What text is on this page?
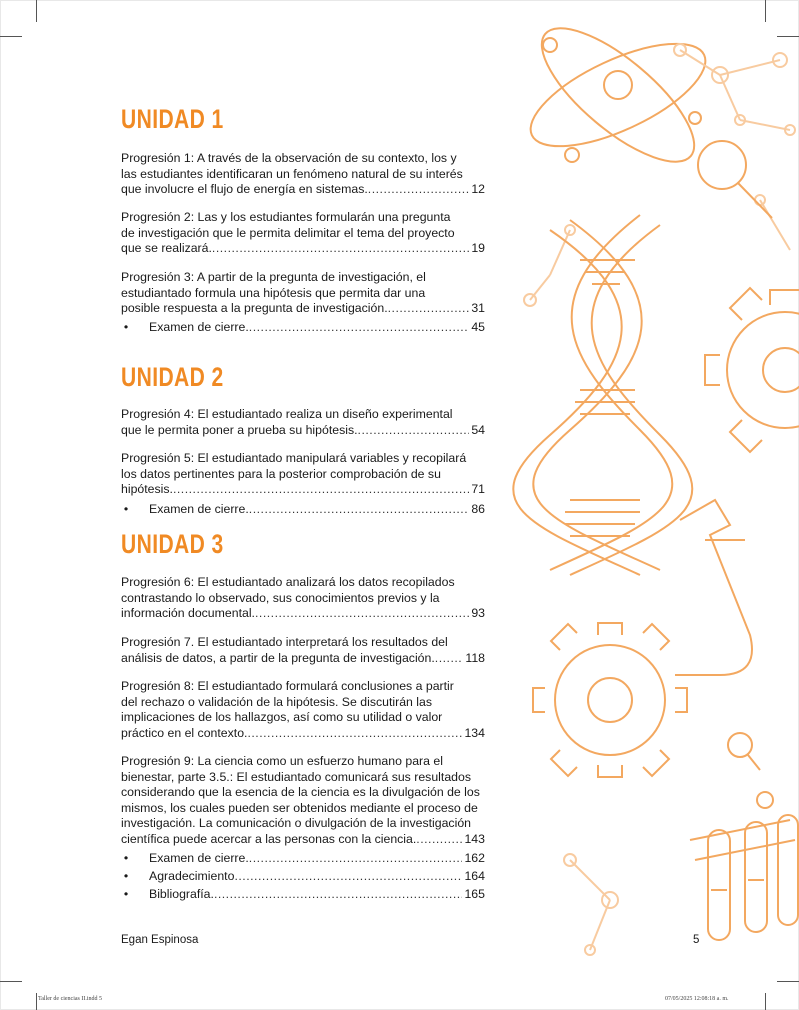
UNIDAD 1
Progresión 1: A través de la observación de su contexto, los y
las estudiantes identificaran un fenómeno natural de su interés
que involucre el flujo de energía en sistemas. .....	12
Progresión 2: Las y los estudiantes formularán una pregunta
de investigación que le permita delimitar el tema del proyecto
que se realizará. .....	19
Progresión 3: A partir de la pregunta de investigación, el
estudiantado formula una hipótesis que permita dar una
posible respuesta a la pregunta de investigación. .....	31
• Examen de cierre. .....	45
UNIDAD 2
Progresión 4: El estudiantado realiza un diseño experimental
que le permita poner a prueba su hipótesis. .....	54
Progresión 5: El estudiantado manipulará variables y recopilará
los datos pertinentes para la posterior comprobación de su
hipótesis. .....	71
• Examen de cierre. .....	86
UNIDAD 3
Progresión 6: El estudiantado analizará los datos recopilados
contrastando lo observado, sus conocimientos previos y la
información documental. .....	93
Progresión 7. El estudiantado interpretará los resultados del
análisis de datos, a partir de la pregunta de investigación. ..... 118
Progresión 8: El estudiantado formulará conclusiones a partir
del rechazo o validación de la hipótesis. Se discutirán las
implicaciones de los hallazgos, así como su utilidad o valor
práctico en el contexto. .....	134
Progresión 9: La ciencia como un esfuerzo humano para el
bienestar, parte 3.5.: El estudiantado comunicará sus resultados
considerando que la esencia de la ciencia es la divulgación de los
mismos, los cuales pueden ser obtenidos mediante el proceso de
investigación. La comunicación o divulgación de la investigación
científica puede acercar a las personas con la ciencia. .....	143
• Examen de cierre. .....	162
• Agradecimiento .....	164
• Bibliografía. .....	165
Egan Espinosa	5
Taller de ciencias II.indd 5	07/05/2025 12:08:18 a. m.
